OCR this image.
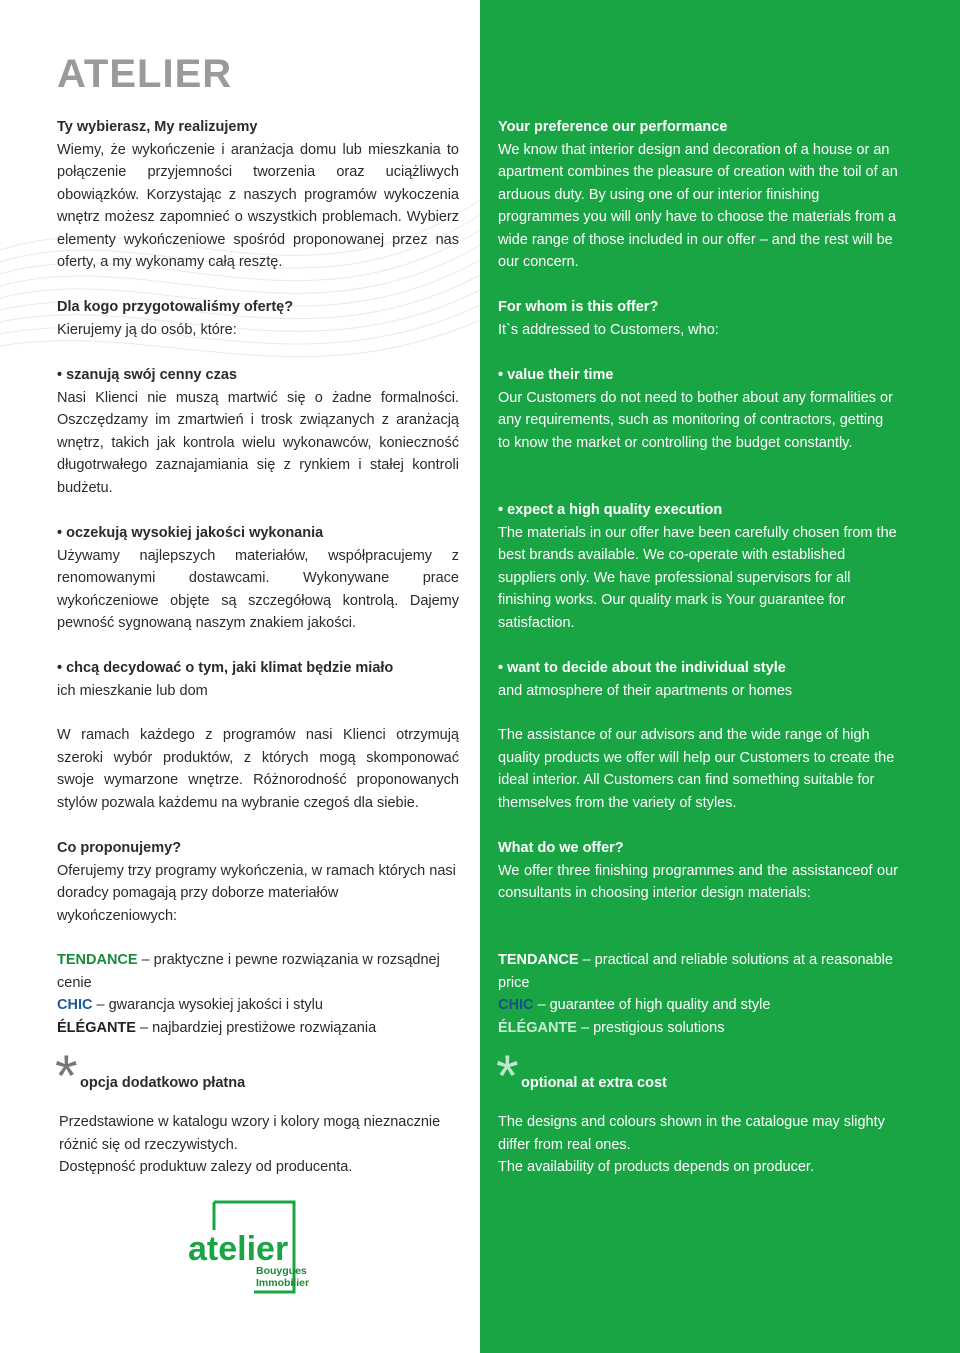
ATELIER

Ty wybierasz, My realizujemy

Wiemy, że wykończenie i aranżacja domu lub mieszkania to połączenie przyjemności tworzenia oraz uciążliwych obowiązków. Korzystając z naszych programów wykoczenia wnętrz możesz zapomnieć o wszystkich problemach. Wybierz elementy wykończeniowe spośród proponowanej przez nas oferty, a my wykonamy całą resztę.

Dla kogo przygotowaliśmy ofertę?

Kierujemy ją do osób, które:

• szanują swój cenny czas

Nasi Klienci nie muszą martwić się o żadne formalności. Oszczędzamy im zmartwień i trosk związanych z aranżacją wnętrz, takich jak kontrola wielu wykonawców, konieczność długotrwałego zaznajamiania się z rynkiem i stałej kontroli budżetu.

• oczekują wysokiej jakości wykonania

Używamy najlepszych materiałów, współpracujemy z renomowanymi dostawcami. Wykonywane prace wykończeniowe objęte są szczegółową kontrolą. Dajemy pewność sygnowaną naszym znakiem jakości.

• chcą decydować o tym, jaki klimat będzie miało

ich mieszkanie lub dom

W ramach każdego z programów nasi Klienci otrzymują szeroki wybór produktów, z których mogą skomponować swoje wymarzone wnętrze. Różnorodność proponowanych stylów pozwala każdemu na wybranie czegoś dla siebie.

Co proponujemy?

Oferujemy trzy programy wykończenia, w ramach których nasi doradcy pomagają przy doborze materiałów wykończeniowych:

TENDANCE – praktyczne i pewne rozwiązania w rozsądnej cenie

CHIC – gwarancja wysokiej jakości i stylu

ÉLÉGANTE – najbardziej prestiżowe rozwiązania

* opcja dodatkowo płatna

Przedstawione w katalogu wzory i kolory mogą nieznacznie różnić się od rzeczywistych.

Dostępność produktuw zalezy od producenta.

atelier
Bouygues
Immobilier

Your preference our performance

We know that interior design and decoration of a house or an apartment combines the pleasure of creation with the toil of an arduous duty. By using one of our interior finishing programmes you will only have to choose the materials from a wide range of those included in our offer – and the rest will be our concern.

For whom is this offer?

It`s addressed to Customers, who:

• value their time

Our Customers do not need to bother about any formalities or any requirements, such as monitoring of contractors, getting to know the market or controlling the budget constantly.

• expect a high quality execution

The materials in our offer have been carefully chosen from the best brands available. We co-operate with established suppliers only. We have professional supervisors for all finishing works. Our quality mark is Your guarantee for satisfaction.

• want to decide about the individual style

and atmosphere of their apartments or homes

The assistance of our advisors and the wide range of high quality products we offer will help our Customers to create the ideal interior. All Customers can find something suitable for themselves from the variety of styles.

What do we offer?

We offer three finishing programmes and the assistanceof our consultants in choosing interior design materials:

TENDANCE – practical and reliable solutions at a reasonable price

CHIC – guarantee of high quality and style

ÉLÉGANTE – prestigious solutions

* optional at extra cost

The designs and colours shown in the catalogue may slighty differ from real ones.

The availability of products depends on producer.
